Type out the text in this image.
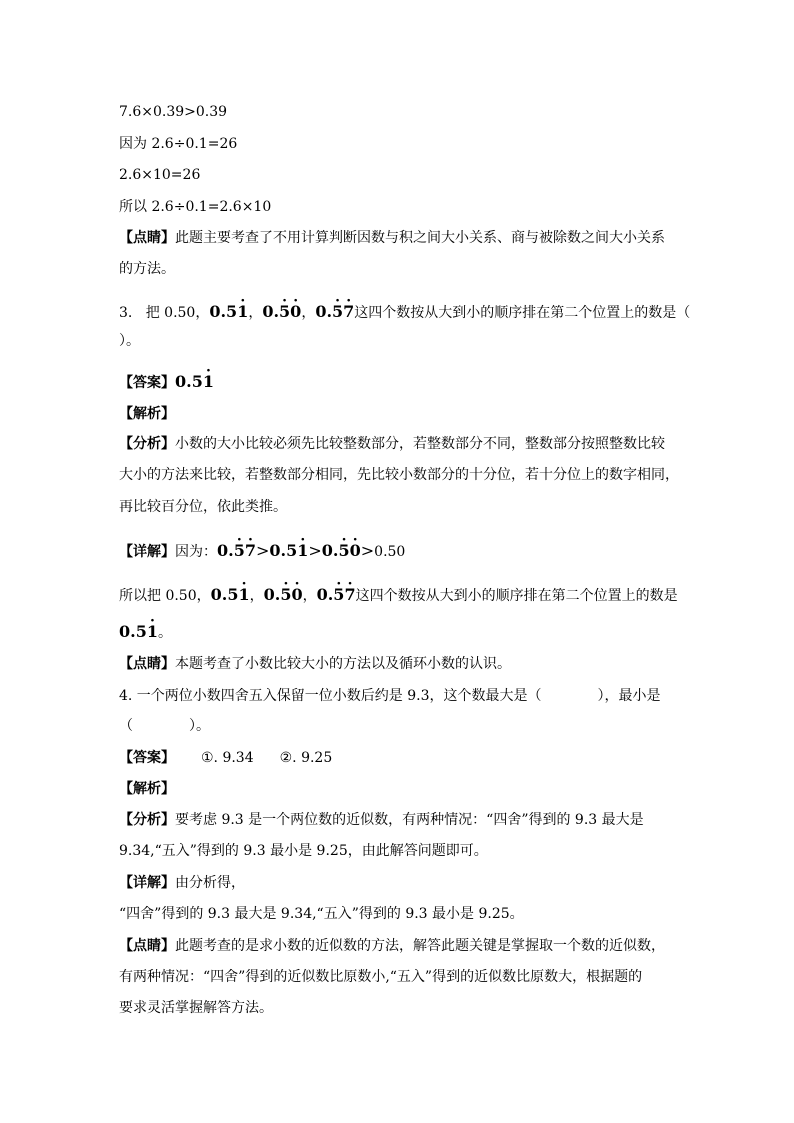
7.6×0.39>0.39
因为 2.6÷0.1=26
2.6×10=26
所以 2.6÷0.1=2.6×10
【点睛】此题主要考查了不用计算判断因数与积之间大小关系、商与被除数之间大小关系
的方法。
3. 把 0.50，0.5· 1，0.· 5· 0，0.· 5· 7这四个数按从大到小的顺序排在第二个位置上的数是（
）。
【答案】0.5· 1
【解析】
【分析】小数的大小比较必须先比较整数部分，若整数部分不同，整数部分按照整数比较
大小的方法来比较，若整数部分相同，先比较小数部分的十分位，若十分位上的数字相同，
再比较百分位，依此类推。
【详解】因为：0.· 5· 7>0.5· 1>0.· 5· 0>0.50
所以把 0.50，0.5· 1，0.· 5· 0，0.· 5· 7这四个数按从大到小的顺序排在第二个位置上的数是
0.5· 1。
【点睛】本题考查了小数比较大小的方法以及循环小数的认识。
4. 一个两位小数四舍五入保留一位小数后约是 9.3，这个数最大是（　　　　），最小是
（　　　　）。
【答案】 ①. 9.34 ②. 9.25
【解析】
【分析】要考虑 9.3 是一个两位数的近似数，有两种情况：“四舍”得到的 9.3 最大是
9.34,“五入”得到的 9.3 最小是 9.25，由此解答问题即可。
【详解】由分析得，
“四舍”得到的 9.3 最大是 9.34,“五入”得到的 9.3 最小是 9.25。
【点睛】此题考查的是求小数的近似数的方法，解答此题关键是掌握取一个数的近似数，
有两种情况：“四舍”得到的近似数比原数小,“五入”得到的近似数比原数大，根据题的
要求灵活掌握解答方法。
